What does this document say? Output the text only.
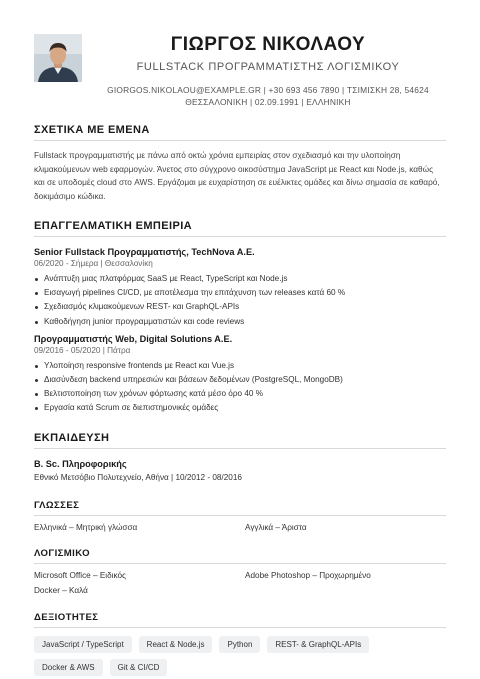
ΓΙΩΡΓΟΣ ΝΙΚΟΛΑΟΥ
FULLSTACK ΠΡΟΓΡΑΜΜΑΤΙΣΤΗΣ ΛΟΓΙΣΜΙΚΟΥ
GIORGOS.NIKOLAOU@EXAMPLE.GR | +30 693 456 7890 | ΤΣΙΜΙΣΚΗ 28, 54624
ΘΕΣΣΑΛΟΝΙΚΗ | 02.09.1991 | ΕΛΛΗΝΙΚΗ
ΣΧΕΤΙΚΑ ΜΕ ΕΜΕΝΑ
Fullstack προγραμματιστής με πάνω από οκτώ χρόνια εμπειρίας στον σχεδιασμό και την υλοποίηση κλιμακούμενων web εφαρμογών. Άνετος στο σύγχρονο οικοσύστημα JavaScript με React και Node.js, καθώς και σε υποδομές cloud στο AWS. Εργάζομαι με ευχαρίστηση σε ευέλικτες ομάδες και δίνω σημασία σε καθαρό, δοκιμάσιμο κώδικα.
ΕΠΑΓΓΕΛΜΑΤΙΚΗ ΕΜΠΕΙΡΙΑ
Senior Fullstack Προγραμματιστής, TechNova A.E.
06/2020 - Σήμερα | Θεσσαλονίκη
Ανάπτυξη μιας πλατφόρμας SaaS με React, TypeScript και Node.js
Εισαγωγή pipelines CI/CD, με αποτέλεσμα την επιτάχυνση των releases κατά 60 %
Σχεδιασμός κλιμακούμενων REST- και GraphQL-APIs
Καθοδήγηση junior προγραμματιστών και code reviews
Προγραμματιστής Web, Digital Solutions A.E.
09/2016 - 05/2020 | Πάτρα
Υλοποίηση responsive frontends με React και Vue.js
Διασύνδεση backend υπηρεσιών και βάσεων δεδομένων (PostgreSQL, MongoDB)
Βελτιστοποίηση των χρόνων φόρτωσης κατά μέσο όρο 40 %
Εργασία κατά Scrum σε διεπιστημονικές ομάδες
ΕΚΠΑΙΔΕΥΣΗ
B. Sc. Πληροφορικής
Εθνικό Μετσόβιο Πολυτεχνείο, Αθήνα | 10/2012 - 08/2016
ΓΛΩΣΣΕΣ
Ελληνικά – Μητρική γλώσσα	Αγγλικά – Άριστα
ΛΟΓΙΣΜΙΚΟ
Microsoft Office – Ειδικός	Adobe Photoshop – Προχωρημένο
Docker – Καλά
ΔΕΞΙΟΤΗΤΕΣ
JavaScript / TypeScript	React & Node.js	Python	REST- & GraphQL-APIs
Docker & AWS	Git & CI/CD
